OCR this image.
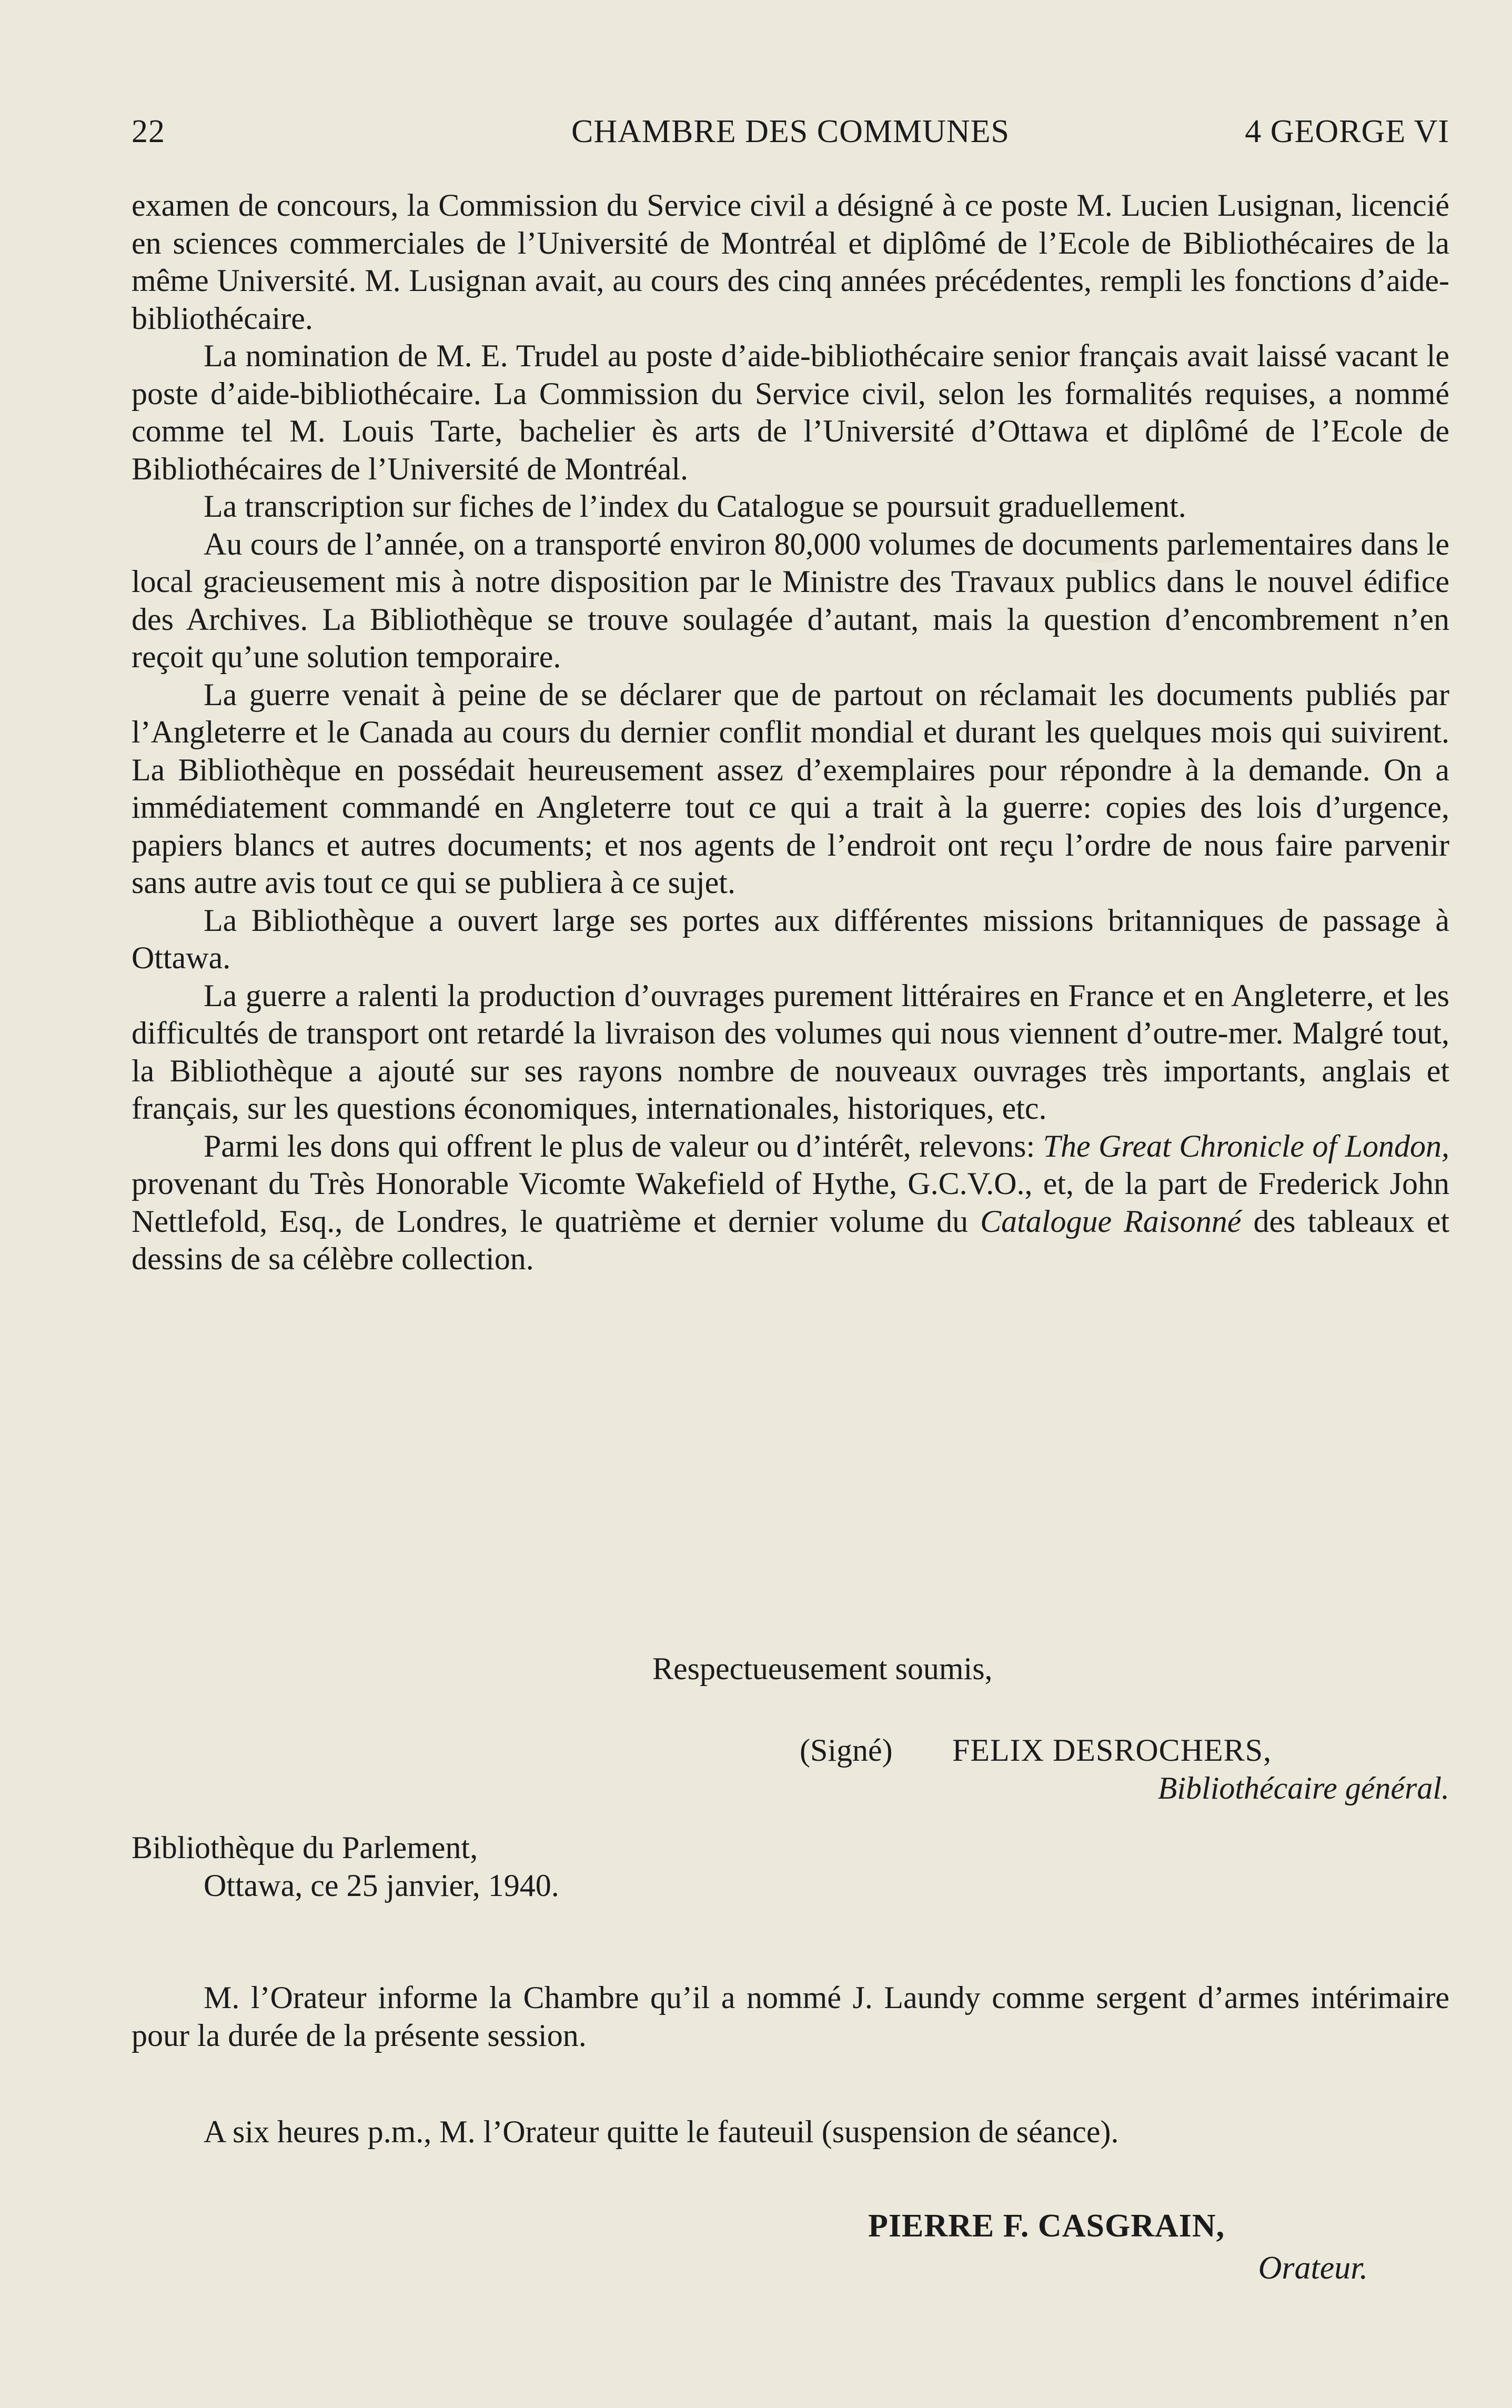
22	CHAMBRE DES COMMUNES	4 GEORGE VI

examen de concours, la Commission du Service civil a désigné à ce poste M. Lucien Lusignan, licencié en sciences commerciales de l’Université de Montréal et diplômé de l’Ecole de Bibliothécaires de la même Université. M. Lusignan avait, au cours des cinq années précédentes, rempli les fonctions d’aide- bibliothécaire.

La nomination de M. E. Trudel au poste d’aide-bibliothécaire senior français avait laissé vacant le poste d’aide-bibliothécaire. La Commission du Service civil, selon les formalités requises, a nommé comme tel M. Louis Tarte, bachelier ès arts de l’Université d’Ottawa et diplômé de l’Ecole de Bibliothécaires de l’Université de Montréal.

La transcription sur fiches de l’index du Catalogue se poursuit graduellement.

Au cours de l’année, on a transporté environ 80,000 volumes de documents parlementaires dans le local gracieusement mis à notre disposition par le Ministre des Travaux publics dans le nouvel édifice des Archives. La Bibliothèque se trouve soulagée d’autant, mais la question d’encombrement n’en reçoit qu’une solution temporaire.

La guerre venait à peine de se déclarer que de partout on réclamait les documents publiés par l’Angleterre et le Canada au cours du dernier conflit mondial et durant les quelques mois qui suivirent. La Bibliothèque en possédait heureusement assez d’exemplaires pour répondre à la demande. On a immédiatement commandé en Angleterre tout ce qui a trait à la guerre: copies des lois d’urgence, papiers blancs et autres documents; et nos agents de l’endroit ont reçu l’ordre de nous faire parvenir sans autre avis tout ce qui se publiera à ce sujet.

La Bibliothèque a ouvert large ses portes aux différentes missions britanniques de passage à Ottawa.

La guerre a ralenti la production d’ouvrages purement littéraires en France et en Angleterre, et les difficultés de transport ont retardé la livraison des volumes qui nous viennent d’outre-mer. Malgré tout, la Bibliothèque a ajouté sur ses rayons nombre de nouveaux ouvrages très importants, anglais et français, sur les questions économiques, internationales, historiques, etc.

Parmi les dons qui offrent le plus de valeur ou d’intérêt, relevons: The Great Chronicle of London, provenant du Très Honorable Vicomte Wakefield of Hythe, G.C.V.O., et, de la part de Frederick John Nettlefold, Esq., de Londres, le quatrième et dernier volume du Catalogue Raisonné des tableaux et dessins de sa célèbre collection.

Respectueusement soumis,
(Signé) FELIX DESROCHERS,
Bibliothécaire général.
Bibliothèque du Parlement,
Ottawa, ce 25 janvier, 1940.

M. l’Orateur informe la Chambre qu’il a nommé J. Laundy comme sergent d’armes intérimaire pour la durée de la présente session.

A six heures p.m., M. l’Orateur quitte le fauteuil (suspension de séance).

PIERRE F. CASGRAIN,
Orateur.
